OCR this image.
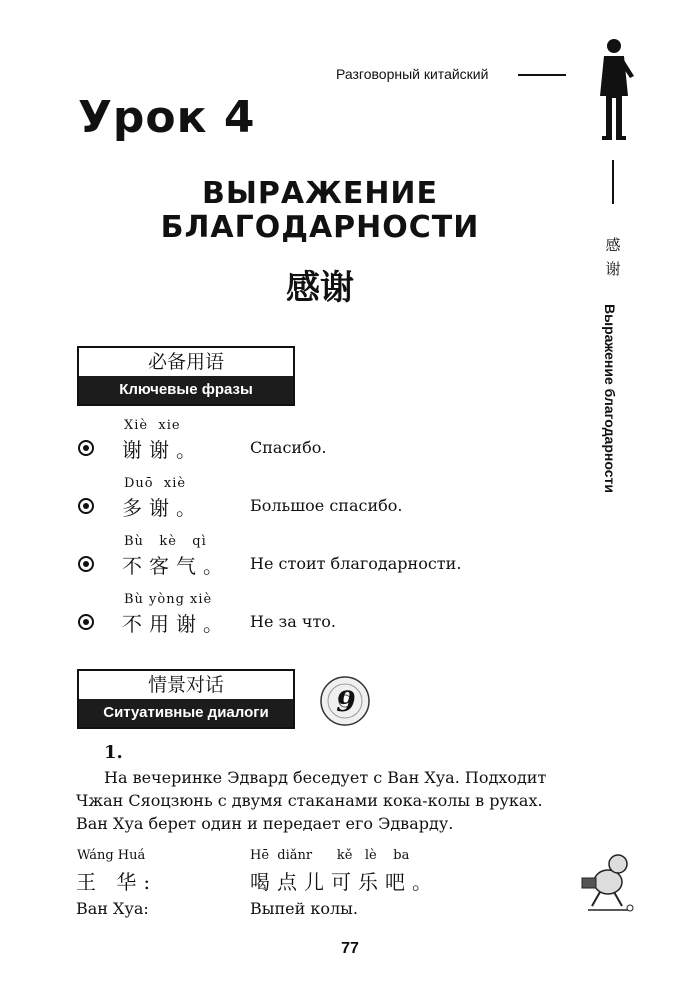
Разговорный китайский
Урок 4
ВЫРАЖЕНИЕ
БЛАГОДАРНОСТИ
感谢
感
谢
Выражение благодарности
必备用语
Ключевые фразы
Xiè  xie
谢谢。	Спасибо.
Duō  xiè
多谢。	Большое спасибо.
Bù   kè   qì
不客气。 Не стоит благодарности.
Bù yòng xiè
不用谢。 Не за что.
情景对话
Ситуативные диалоги	9
1.
На вечеринке Эдвард беседует с Ван Хуа. Подходит
Чжан Сяоцзюнь с двумя стаканами кока-колы в руках.
Ван Хуа берет один и передает его Эдварду.
Wáng Huá	Hē  diǎnr      kě   lè    ba
王 华:	喝点儿可乐吧。
Ван Хуа:	Выпей колы.
77
